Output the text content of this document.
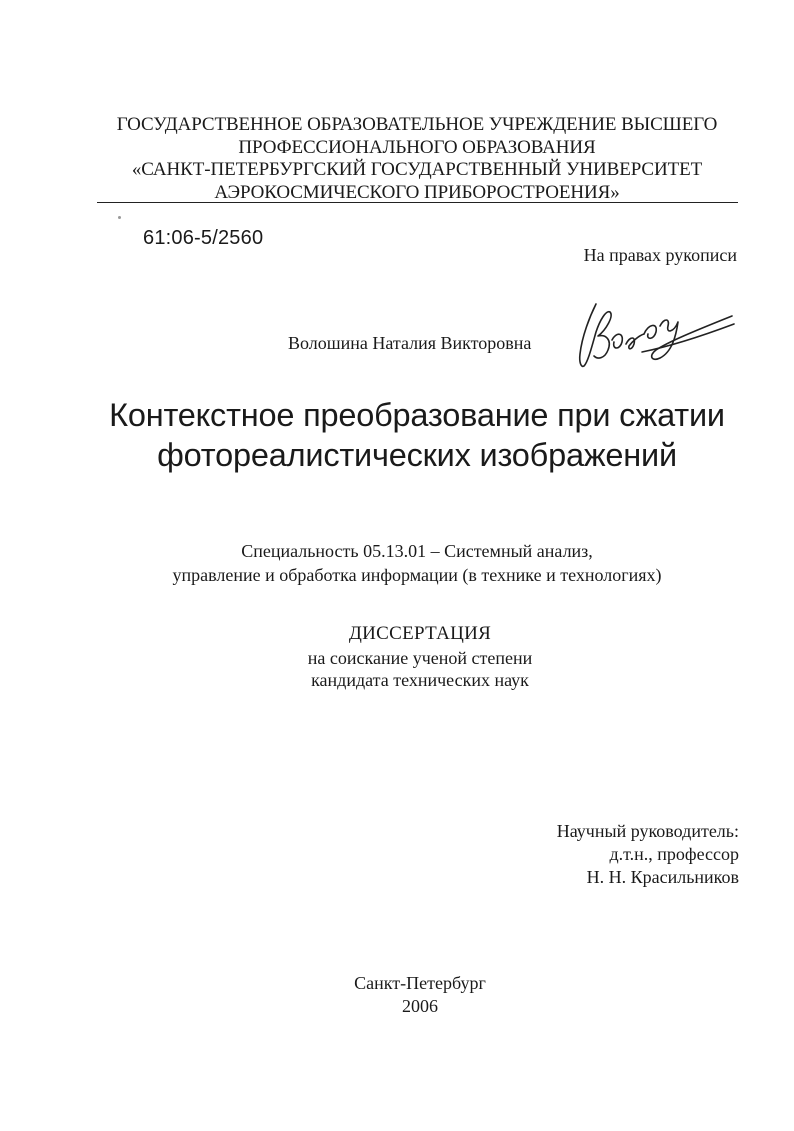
ГОСУДАРСТВЕННОЕ ОБРАЗОВАТЕЛЬНОЕ УЧРЕЖДЕНИЕ ВЫСШЕГО
ПРОФЕССИОНАЛЬНОГО ОБРАЗОВАНИЯ
«САНКТ-ПЕТЕРБУРГСКИЙ ГОСУДАРСТВЕННЫЙ УНИВЕРСИТЕТ
АЭРОКОСМИЧЕСКОГО ПРИБОРОСТРОЕНИЯ»
61:06-5/2560
На правах рукописи
Волошина Наталия Викторовна
Контекстное преобразование при сжатии
фотореалистических изображений
Специальность 05.13.01 – Системный анализ,
управление и обработка информации (в технике и технологиях)
ДИССЕРТАЦИЯ
на соискание ученой степени
кандидата технических наук
Научный руководитель:
д.т.н., профессор
Н. Н. Красильников
Санкт-Петербург
2006
